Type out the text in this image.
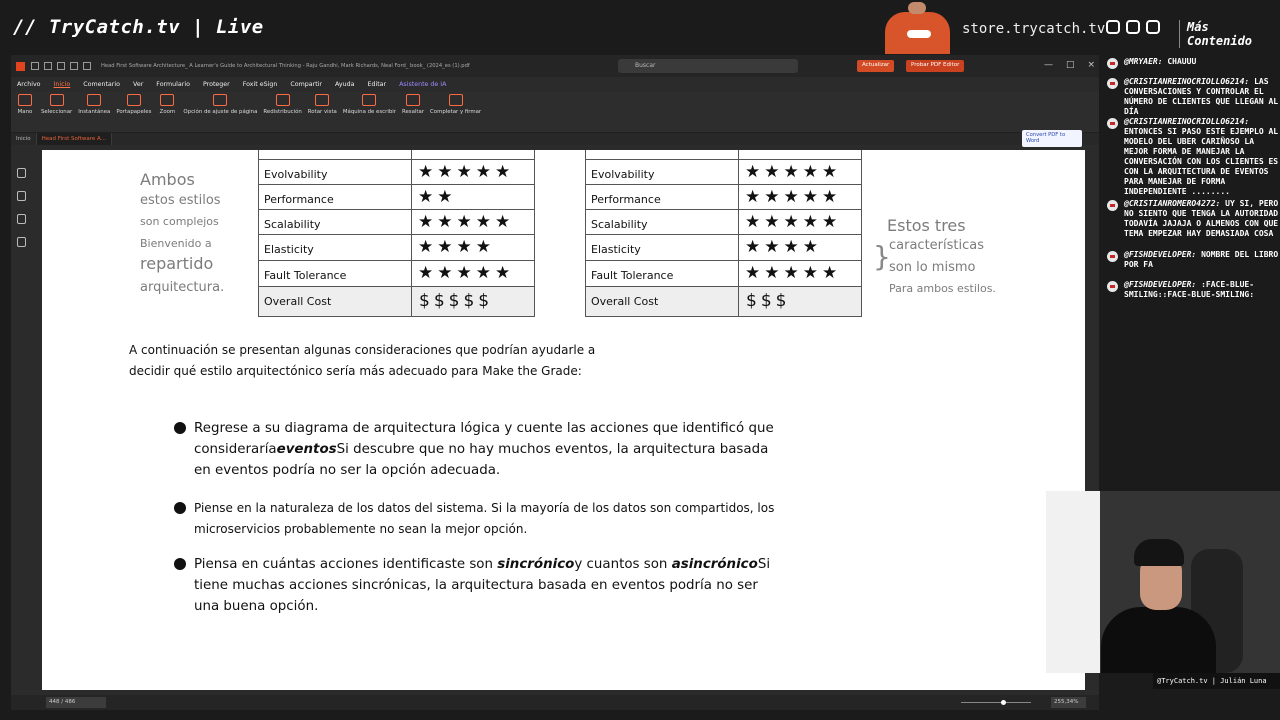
// TryCatch.tv | Live	store.trycatch.tv	Más Contenido
Head First Software Architecture_ A Learner's Guide to Architectural Thinking - Raju Gandhi, Mark Richards, Neal Ford_ book_ (2024_es (1).pdf	Buscar	Actualizar	Probar PDF Editor	— □ ×
Archivo Inicio Comentario Ver Formulario Proteger Foxit eSign Compartir Ayuda Editar Asistente de IA
Mano Seleccionar Instantánea Portapapeles Zoom Opción de ajuste de página Redistribución Rotar vista Máquina de escribir Resaltar Completar y firmar
Inicio	Head First Software A...
Convert PDF to Word
Ambos
estos estilos
son complejos
Bienvenido a
repartido
arquitectura.
Evolvability	★★★★★
Performance	★★
Scalability	★★★★★
Elasticity	★★★★
Fault Tolerance	★★★★★
Overall Cost	$$$$$
Evolvability	★★★★★
Performance	★★★★★
Scalability	★★★★★
Elasticity	★★★★
Fault Tolerance	★★★★★
Overall Cost	$$$
}
Estos tres
características
son lo mismo
Para ambos estilos.
A continuación se presentan algunas consideraciones que podrían ayudarle a decidir qué estilo arquitectónico sería más adecuado para Make the Grade:
Regrese a su diagrama de arquitectura lógica y cuente las acciones que identificó que consideraríaeventosSi descubre que no hay muchos eventos, la arquitectura basada en eventos podría no ser la opción adecuada.
Piense en la naturaleza de los datos del sistema. Si la mayoría de los datos son compartidos, los microservicios probablemente no sean la mejor opción.
Piensa en cuántas acciones identificaste son sincrónicoy cuantos son asincrónicoSi tiene muchas acciones sincrónicas, la arquitectura basada en eventos podría no ser una buena opción.
448 / 486	255,34%
@MRYAER: CHAUUU
@CRISTIANREINOCRIOLLO6214: LAS CONVERSACIONES Y CONTROLAR EL NÚMERO DE CLIENTES QUE LLEGAN AL DÍA
@CRISTIANREINOCRIOLLO6214: ENTONCES SI PASO ESTE EJEMPLO AL MODELO DEL UBER CARIÑOSO LA MEJOR FORMA DE MANEJAR LA CONVERSACIÓN CON LOS CLIENTES ES CON LA ARQUITECTURA DE EVENTOS PARA MANEJAR DE FORMA INDEPENDIENTE ........
@CRISTIANROMERO4272: UY SI, PERO NO SIENTO QUE TENGA LA AUTORIDAD TODAVÍA JAJAJA O ALMENOS CON QUE TEMA EMPEZAR HAY DEMASIADA COSA
@FISHDEVELOPER: NOMBRE DEL LIBRO POR FA
@FISHDEVELOPER: :FACE-BLUE-SMILING::FACE-BLUE-SMILING:
@TryCatch.tv | Julián Luna
